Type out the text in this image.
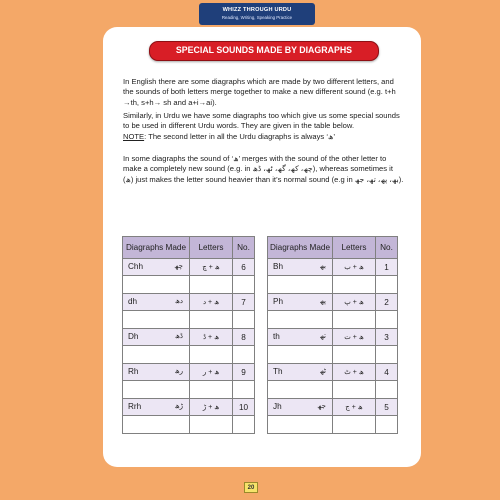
WHIZZ THROUGH URDU
Reading, Writing, Speaking Practice
SPECIAL SOUNDS MADE BY DIAGRAPHS

In English there are some diagraphs which are made by two different letters, and the sounds of both letters merge together to make a new different sound (e.g. t+h →th, s+h→ sh and a+i→ai).

Similarly, in Urdu we have some diagraphs too which give us some special sounds to be used in different Urdu words. They are given in the table below.
NOTE: The second letter in all the Urdu diagraphs is always ‘ھ’

In some diagraphs the sound of ‘ھ’ merges with the sound of the other letter to make a completely new sound (e.g. in چھ، کھ، گھ، ٹھ، ڈھ), whereas sometimes it (ھ) just makes the letter sound heavier than it’s normal sound (e.g in بھ، پھ، تھ، جھ).

Diagraphs Made	Letters	No.

Chh چھ	ھ + چ	6

dh دھ	ھ + د	7

Dh ڈھ	ھ + ڈ	8

Rh رھ	ھ + ر	9

Rrh ڑھ	ھ + ڑ	10

Diagraphs Made	Letters	No.

Bh بھ	ھ + ب	1

Ph پھ	ھ + پ	2

th تھ	ھ + ت	3

Th ٹھ	ھ + ٹ	4

Jh جھ	ھ + ج	5

20
